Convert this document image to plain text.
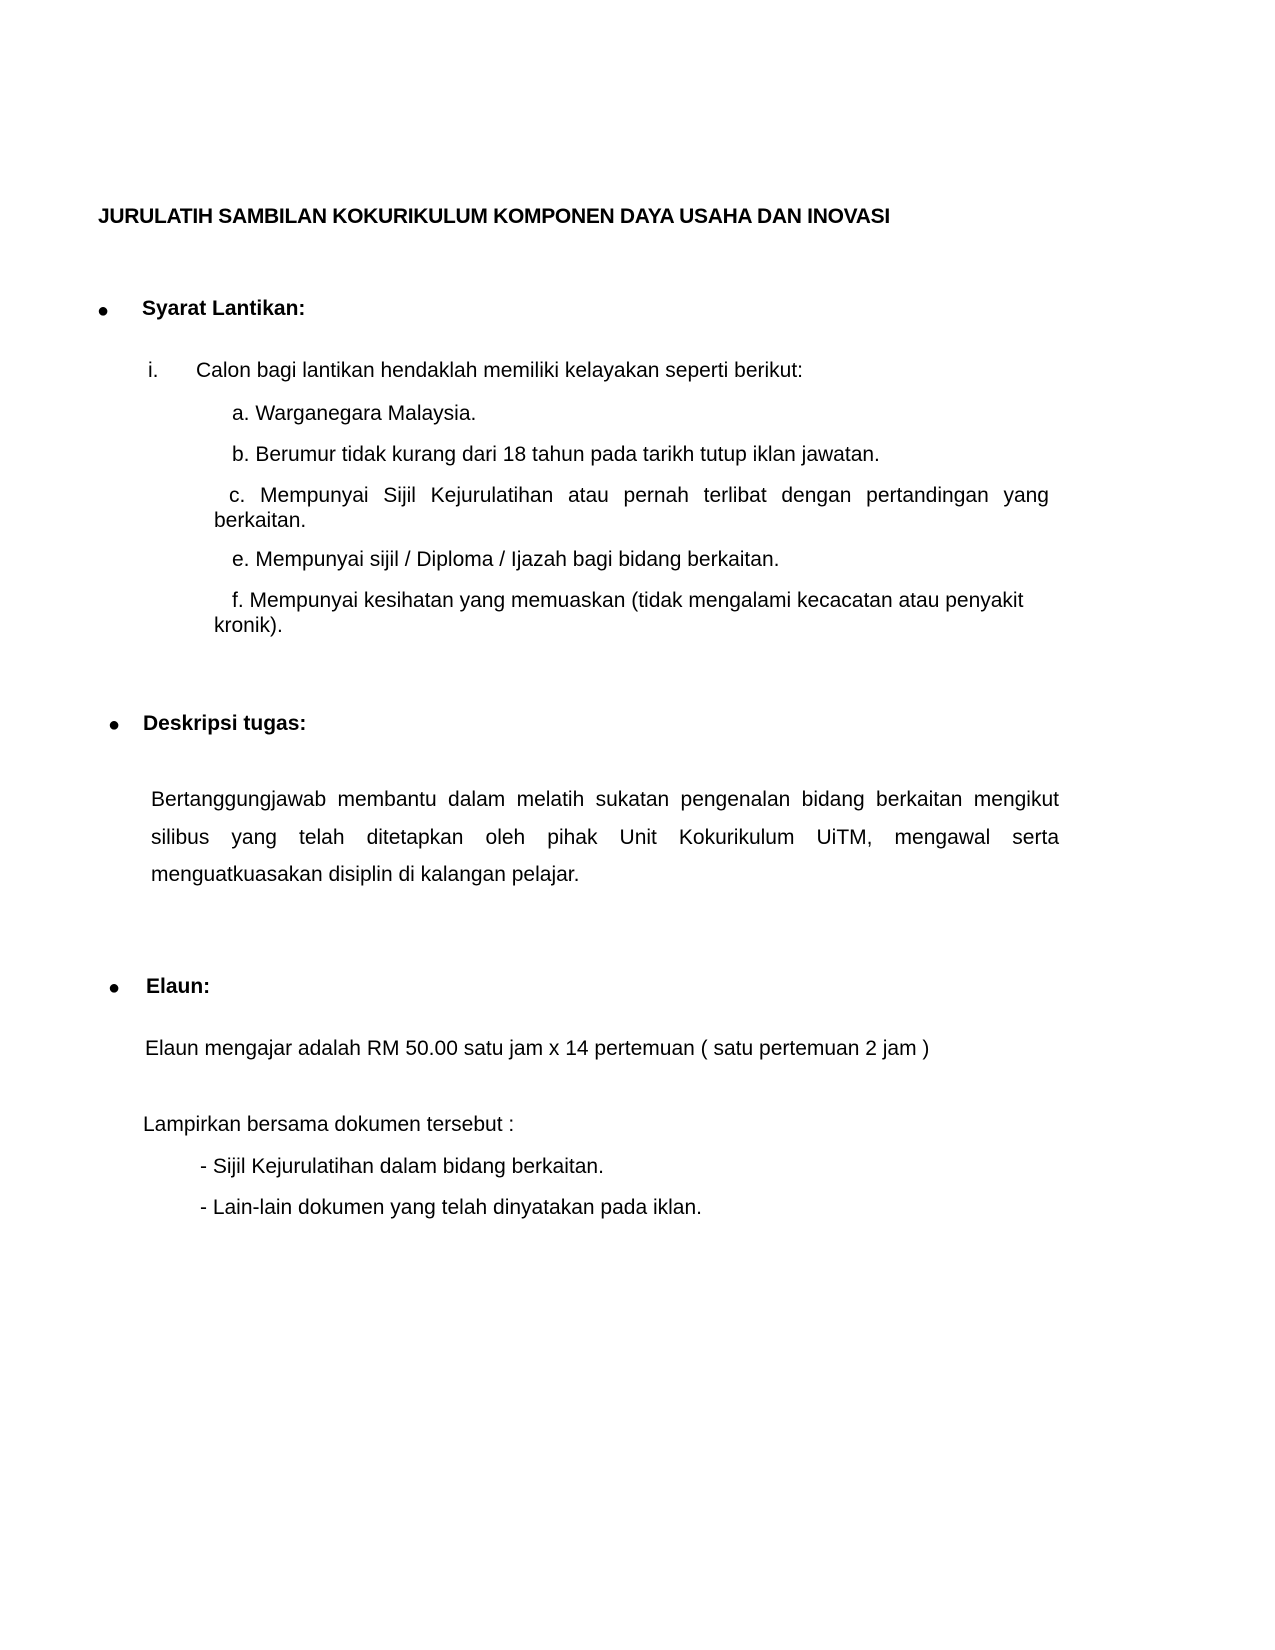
JURULATIH SAMBILAN KOKURIKULUM KOMPONEN DAYA USAHA DAN INOVASI
● Syarat Lantikan:
i. Calon bagi lantikan hendaklah memiliki kelayakan seperti berikut:
a. Warganegara Malaysia.
b. Berumur tidak kurang dari 18 tahun pada tarikh tutup iklan jawatan.
c. Mempunyai Sijil Kejurulatihan atau pernah terlibat dengan pertandingan yang berkaitan.
e. Mempunyai sijil / Diploma / Ijazah bagi bidang berkaitan.
f. Mempunyai kesihatan yang memuaskan (tidak mengalami kecacatan atau penyakit kronik).
● Deskripsi tugas:
Bertanggungjawab membantu dalam melatih sukatan pengenalan bidang berkaitan mengikut silibus yang telah ditetapkan oleh pihak Unit Kokurikulum UiTM, mengawal serta menguatkuasakan disiplin di kalangan pelajar.
● Elaun:
Elaun mengajar adalah RM 50.00 satu jam x 14 pertemuan ( satu pertemuan 2 jam )
Lampirkan bersama dokumen tersebut :
- Sijil Kejurulatihan dalam bidang berkaitan.
- Lain-lain dokumen yang telah dinyatakan pada iklan.
